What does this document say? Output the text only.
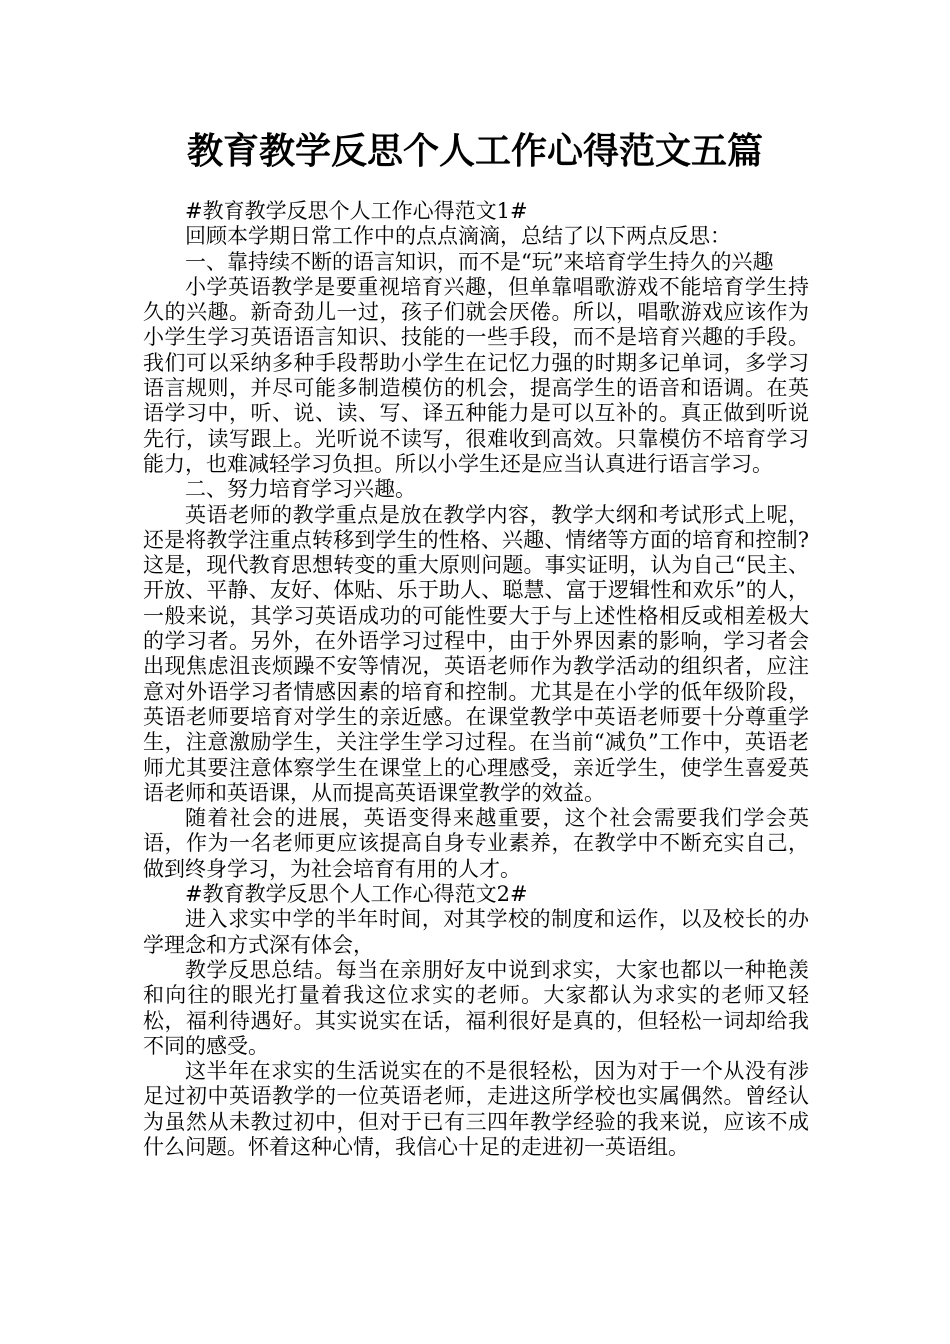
教育教学反思个人工作心得范文五篇

#教育教学反思个人工作心得范文1#

回顾本学期日常工作中的点点滴滴，总结了以下两点反思：

一、靠持续不断的语言知识，而不是“玩”来培育学生持久的兴趣

小学英语教学是要重视培育兴趣，但单靠唱歌游戏不能培育学生持久的兴趣。新奇劲儿一过，孩子们就会厌倦。所以，唱歌游戏应该作为小学生学习英语语言知识、技能的一些手段，而不是培育兴趣的手段。我们可以采纳多种手段帮助小学生在记忆力强的时期多记单词，多学习语言规则，并尽可能多制造模仿的机会，提高学生的语音和语调。在英语学习中，听、说、读、写、译五种能力是可以互补的。真正做到听说先行，读写跟上。光听说不读写，很难收到高效。只靠模仿不培育学习能力，也难减轻学习负担。所以小学生还是应当认真进行语言学习。

二、努力培育学习兴趣。

英语老师的教学重点是放在教学内容，教学大纲和考试形式上呢，还是将教学注重点转移到学生的性格、兴趣、情绪等方面的培育和控制?这是，现代教育思想转变的重大原则问题。事实证明，认为自己“民主、开放、平静、友好、体贴、乐于助人、聪慧、富于逻辑性和欢乐”的人，一般来说，其学习英语成功的可能性要大于与上述性格相反或相差极大的学习者。另外，在外语学习过程中，由于外界因素的影响，学习者会出现焦虑沮丧烦躁不安等情况，英语老师作为教学活动的组织者，应注意对外语学习者情感因素的培育和控制。尤其是在小学的低年级阶段，英语老师要培育对学生的亲近感。在课堂教学中英语老师要十分尊重学生，注意激励学生，关注学生学习过程。在当前“减负”工作中，英语老师尤其要注意体察学生在课堂上的心理感受，亲近学生，使学生喜爱英语老师和英语课，从而提高英语课堂教学的效益。

随着社会的进展，英语变得来越重要，这个社会需要我们学会英语，作为一名老师更应该提高自身专业素养，在教学中不断充实自己，做到终身学习，为社会培育有用的人才。

#教育教学反思个人工作心得范文2#

进入求实中学的半年时间，对其学校的制度和运作，以及校长的办学理念和方式深有体会，

教学反思总结。每当在亲朋好友中说到求实，大家也都以一种艳羡和向往的眼光打量着我这位求实的老师。大家都认为求实的老师又轻松，福利待遇好。其实说实在话，福利很好是真的，但轻松一词却给我不同的感受。

这半年在求实的生活说实在的不是很轻松，因为对于一个从没有涉足过初中英语教学的一位英语老师，走进这所学校也实属偶然。曾经认为虽然从未教过初中，但对于已有三四年教学经验的我来说，应该不成什么问题。怀着这种心情，我信心十足的走进初一英语组。
